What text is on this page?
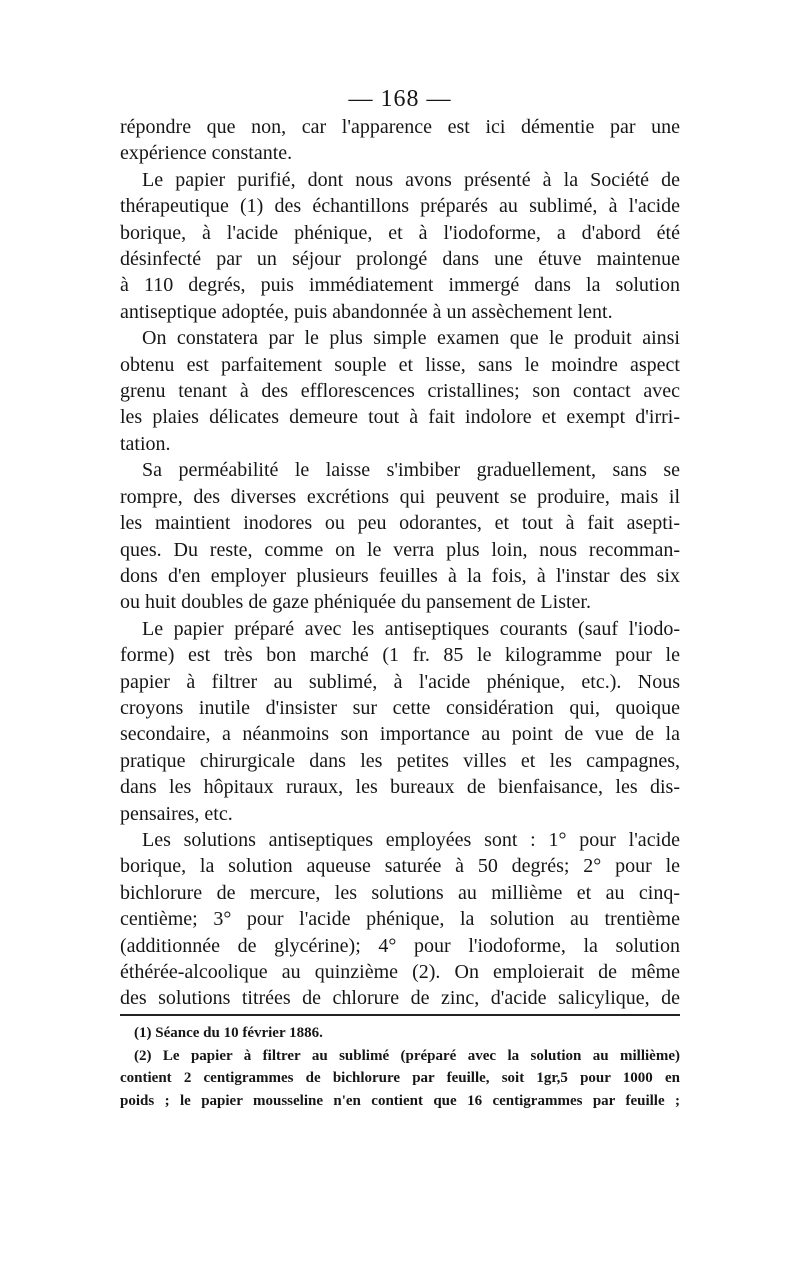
— 168 —
répondre que non, car l'apparence est ici démentie par une
expérience constante.
Le papier purifié, dont nous avons présenté à la Société de
thérapeutique (1) des échantillons préparés au sublimé, à l'acide
borique, à l'acide phénique, et à l'iodoforme, a d'abord été
désinfecté par un séjour prolongé dans une étuve maintenue
à 110 degrés, puis immédiatement immergé dans la solution
antiseptique adoptée, puis abandonnée à un assèchement lent.
On constatera par le plus simple examen que le produit ainsi
obtenu est parfaitement souple et lisse, sans le moindre aspect
grenu tenant à des efflorescences cristallines; son contact avec
les plaies délicates demeure tout à fait indolore et exempt d'irri-
tation.
Sa perméabilité le laisse s'imbiber graduellement, sans se
rompre, des diverses excrétions qui peuvent se produire, mais il
les maintient inodores ou peu odorantes, et tout à fait asepti-
ques. Du reste, comme on le verra plus loin, nous recomman-
dons d'en employer plusieurs feuilles à la fois, à l'instar des six
ou huit doubles de gaze phéniquée du pansement de Lister.
Le papier préparé avec les antiseptiques courants (sauf l'iodo-
forme) est très bon marché (1 fr. 85 le kilogramme pour le
papier à filtrer au sublimé, à l'acide phénique, etc.). Nous
croyons inutile d'insister sur cette considération qui, quoique
secondaire, a néanmoins son importance au point de vue de la
pratique chirurgicale dans les petites villes et les campagnes,
dans les hôpitaux ruraux, les bureaux de bienfaisance, les dis-
pensaires, etc.
Les solutions antiseptiques employées sont : 1° pour l'acide
borique, la solution aqueuse saturée à 50 degrés; 2° pour le
bichlorure de mercure, les solutions au millième et au cinq-
centième; 3° pour l'acide phénique, la solution au trentième
(additionnée de glycérine); 4° pour l'iodoforme, la solution
éthérée-alcoolique au quinzième (2). On emploierait de même
des solutions titrées de chlorure de zinc, d'acide salicylique, de
(1) Séance du 10 février 1886.
(2) Le papier à filtrer au sublimé (préparé avec la solution au millième)
contient 2 centigrammes de bichlorure par feuille, soit 1gr,5 pour 1000 en
poids ; le papier mousseline n'en contient que 16 centigrammes par feuille ;
